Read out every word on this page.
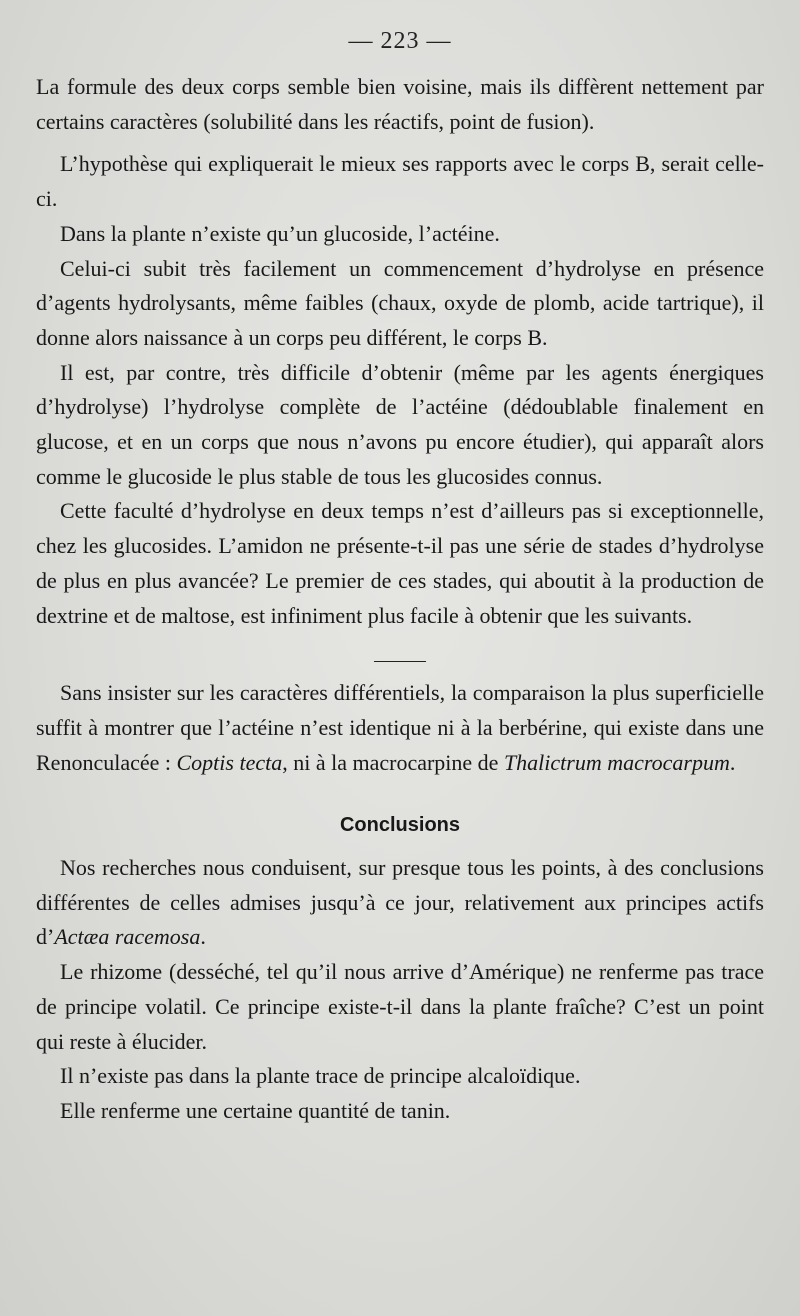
— 223 —

La formule des deux corps semble bien voisine, mais ils diffèrent nettement par certains caractères (solubilité dans les réactifs, point de fusion).

L’hypothèse qui expliquerait le mieux ses rapports avec le corps B, serait celle-ci.

Dans la plante n’existe qu’un glucoside, l’actéine.

Celui-ci subit très facilement un commencement d’hydrolyse en présence d’agents hydrolysants, même faibles (chaux, oxyde de plomb, acide tartrique), il donne alors naissance à un corps peu différent, le corps B.

Il est, par contre, très difficile d’obtenir (même par les agents énergiques d’hydrolyse) l’hydrolyse complète de l’actéine (dédoublable finalement en glucose, et en un corps que nous n’avons pu encore étudier), qui apparaît alors comme le glucoside le plus stable de tous les glucosides connus.

Cette faculté d’hydrolyse en deux temps n’est d’ailleurs pas si exceptionnelle, chez les glucosides. L’amidon ne présente-t-il pas une série de stades d’hydrolyse de plus en plus avancée? Le premier de ces stades, qui aboutit à la production de dextrine et de maltose, est infiniment plus facile à obtenir que les suivants.

Sans insister sur les caractères différentiels, la comparaison la plus superficielle suffit à montrer que l’actéine n’est identique ni à la berbérine, qui existe dans une Renonculacée : Coptis tecta, ni à la macrocarpine de Thalictrum macrocarpum.

Conclusions

Nos recherches nous conduisent, sur presque tous les points, à des conclusions différentes de celles admises jusqu’à ce jour, relativement aux principes actifs d’Actæa racemosa.

Le rhizome (desséché, tel qu’il nous arrive d’Amérique) ne renferme pas trace de principe volatil. Ce principe existe-t-il dans la plante fraîche? C’est un point qui reste à élucider.

Il n’existe pas dans la plante trace de principe alcaloïdique.

Elle renferme une certaine quantité de tanin.
